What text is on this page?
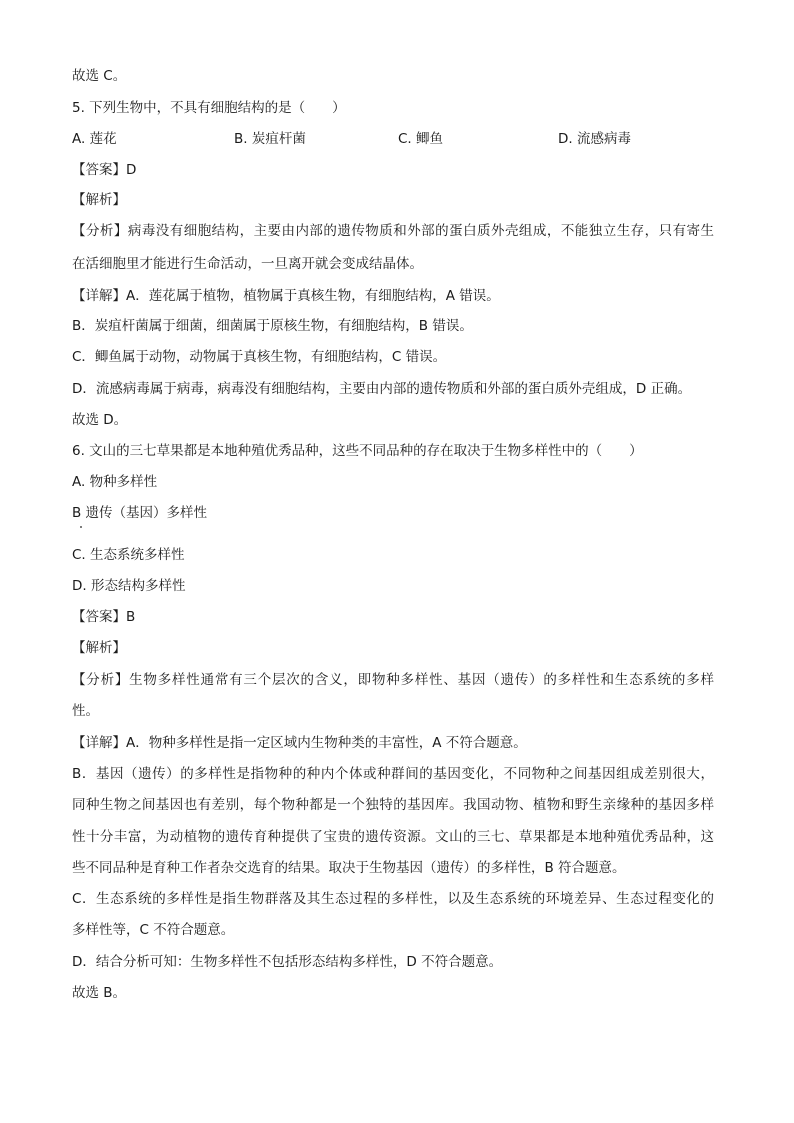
故选 C。
5. 下列生物中，不具有细胞结构的是（　　）
A. 莲花	B. 炭疽杆菌	C. 鲫鱼	D. 流感病毒
【答案】D
【解析】
【分析】病毒没有细胞结构，主要由内部的遗传物质和外部的蛋白质外壳组成，不能独立生存，只有寄生
在活细胞里才能进行生命活动，一旦离开就会变成结晶体。
【详解】A．莲花属于植物，植物属于真核生物，有细胞结构，A 错误。
B．炭疽杆菌属于细菌，细菌属于原核生物，有细胞结构，B 错误。
C．鲫鱼属于动物，动物属于真核生物，有细胞结构，C 错误。
D．流感病毒属于病毒，病毒没有细胞结构，主要由内部的遗传物质和外部的蛋白质外壳组成，D 正确。
故选 D。
6. 文山的三七草果都是本地种殖优秀品种，这些不同品种的存在取决于生物多样性中的（　　）
A. 物种多样性
B 遗传（基因）多样性
C. 生态系统多样性
D. 形态结构多样性
【答案】B
【解析】
【分析】生物多样性通常有三个层次的含义，即物种多样性、基因（遗传）的多样性和生态系统的多样
性。
【详解】A．物种多样性是指一定区域内生物种类的丰富性，A 不符合题意。
B．基因（遗传）的多样性是指物种的种内个体或种群间的基因变化，不同物种之间基因组成差别很大，
同种生物之间基因也有差别，每个物种都是一个独特的基因库。我国动物、植物和野生亲缘种的基因多样
性十分丰富，为动植物的遗传育种提供了宝贵的遗传资源。文山的三七、草果都是本地种殖优秀品种，这
些不同品种是育种工作者杂交选育的结果。取决于生物基因（遗传）的多样性，B 符合题意。
C．生态系统的多样性是指生物群落及其生态过程的多样性，以及生态系统的环境差异、生态过程变化的
多样性等，C 不符合题意。
D．结合分析可知：生物多样性不包括形态结构多样性，D 不符合题意。
故选 B。
